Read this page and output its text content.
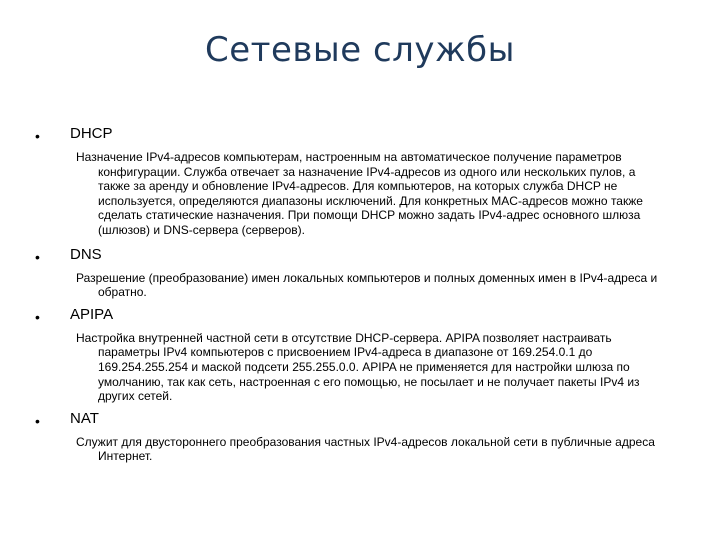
Сетевые службы
• DHCP
Назначение IPv4-адресов компьютерам, настроенным на автоматическое получение параметров конфигурации. Служба отвечает за назначение IPv4-адресов из одного или нескольких пулов, а также за аренду и обновление IPv4-адресов. Для компьютеров, на которых служба DHCP не используется, определяются диапазоны исключений. Для конкретных MAC-адресов можно также сделать статические назначения. При помощи DHCP можно задать IPv4-адрес основного шлюза (шлюзов) и DNS-сервера (серверов).
• DNS
Разрешение (преобразование) имен локальных компьютеров и полных доменных имен в IPv4-адреса и обратно.
• APIPA
Настройка внутренней частной сети в отсутствие DHCP-сервера. APIPA позволяет настраивать параметры IPv4 компьютеров с присвоением IPv4-адреса в диапазоне от 169.254.0.1 до 169.254.255.254 и маской подсети 255.255.0.0. APIPA не применяется для настройки шлюза по умолчанию, так как сеть, настроенная с его помощью, не посылает и не получает пакеты IPv4 из других сетей.
• NAT
Служит для двустороннего преобразования частных IPv4-адресов локальной сети в публичные адреса Интернет.
